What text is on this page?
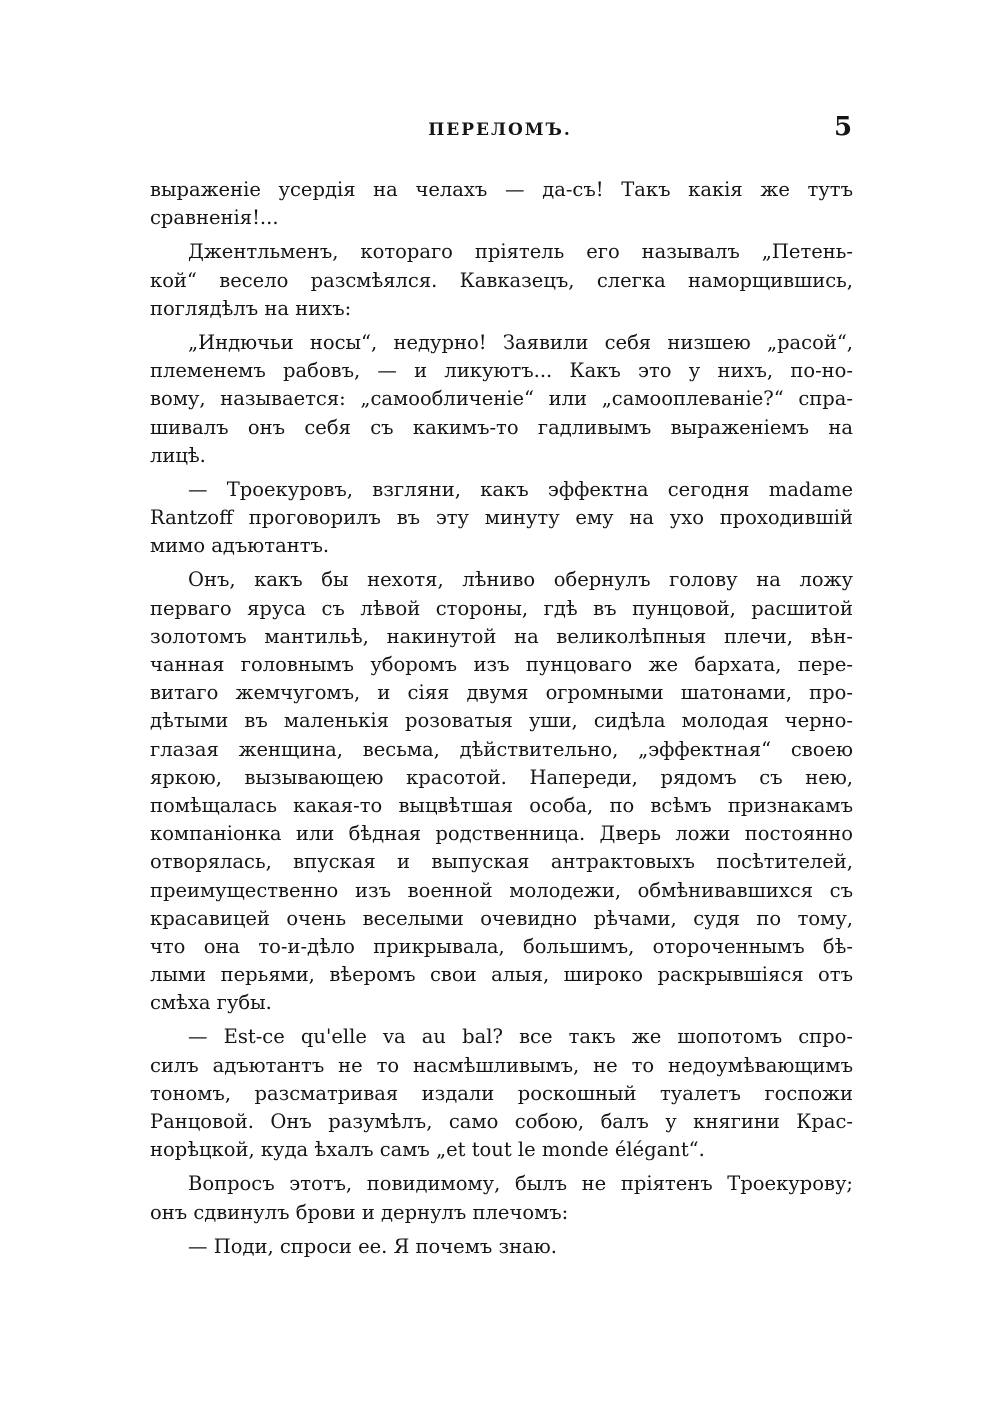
ПЕРЕЛОМЪ.	5
выраженіе усердія на челахъ — да-съ! Такъ какія же тутъ
сравненія!...
Джентльменъ, котораго пріятель его называлъ „Петень-
кой“ весело разсмѣялся. Кавказецъ, слегка наморщившись,
поглядѣлъ на нихъ:
„Индючьи носы“, недурно! Заявили себя низшею „расой“,
племенемъ рабовъ, — и ликуютъ... Какъ это у нихъ, по-но-
вому, называется: „самообличеніе“ или „самооплеваніе?“ спра-
шивалъ онъ себя съ какимъ-то гадливымъ выраженіемъ на
лицѣ.
— Троекуровъ, взгляни, какъ эффектна сегодня madame
Rantzoff проговорилъ въ эту минуту ему на ухо проходившій
мимо адъютантъ.
Онъ, какъ бы нехотя, лѣниво обернулъ голову на ложу
перваго яруса съ лѣвой стороны, гдѣ въ пунцовой, расшитой
золотомъ мантильѣ, накинутой на великолѣпныя плечи, вѣн-
чанная головнымъ уборомъ изъ пунцоваго же бархата, пере-
витаго жемчугомъ, и сіяя двумя огромными шатонами, про-
дѣтыми въ маленькія розоватыя уши, сидѣла молодая черно-
глазая женщина, весьма, дѣйствительно, „эффектная“ своею
яркою, вызывающею красотой. Напереди, рядомъ съ нею,
помѣщалась какая-то выцвѣтшая особа, по всѣмъ признакамъ
компаніонка или бѣдная родственница. Дверь ложи постоянно
отворялась, впуская и выпуская антрактовыхъ посѣтителей,
преимущественно изъ военной молодежи, обмѣнивавшихся съ
красавицей очень веселыми очевидно рѣчами, судя по тому,
что она то-и-дѣло прикрывала, большимъ, отороченнымъ бѣ-
лыми перьями, вѣеромъ свои алыя, широко раскрывшіяся отъ
смѣха губы.
— Est-ce qu'elle va au bal? все такъ же шопотомъ спро-
силъ адъютантъ не то насмѣшливымъ, не то недоумѣвающимъ
тономъ, разсматривая издали роскошный туалетъ госпожи
Ранцовой. Онъ разумѣлъ, само собою, балъ у княгини Крас-
норѣцкой, куда ѣхалъ самъ „et tout le monde élégant“.
Вопросъ этотъ, повидимому, былъ не пріятенъ Троекурову;
онъ сдвинулъ брови и дернулъ плечомъ:
— Поди, спроси ее. Я почемъ знаю.
